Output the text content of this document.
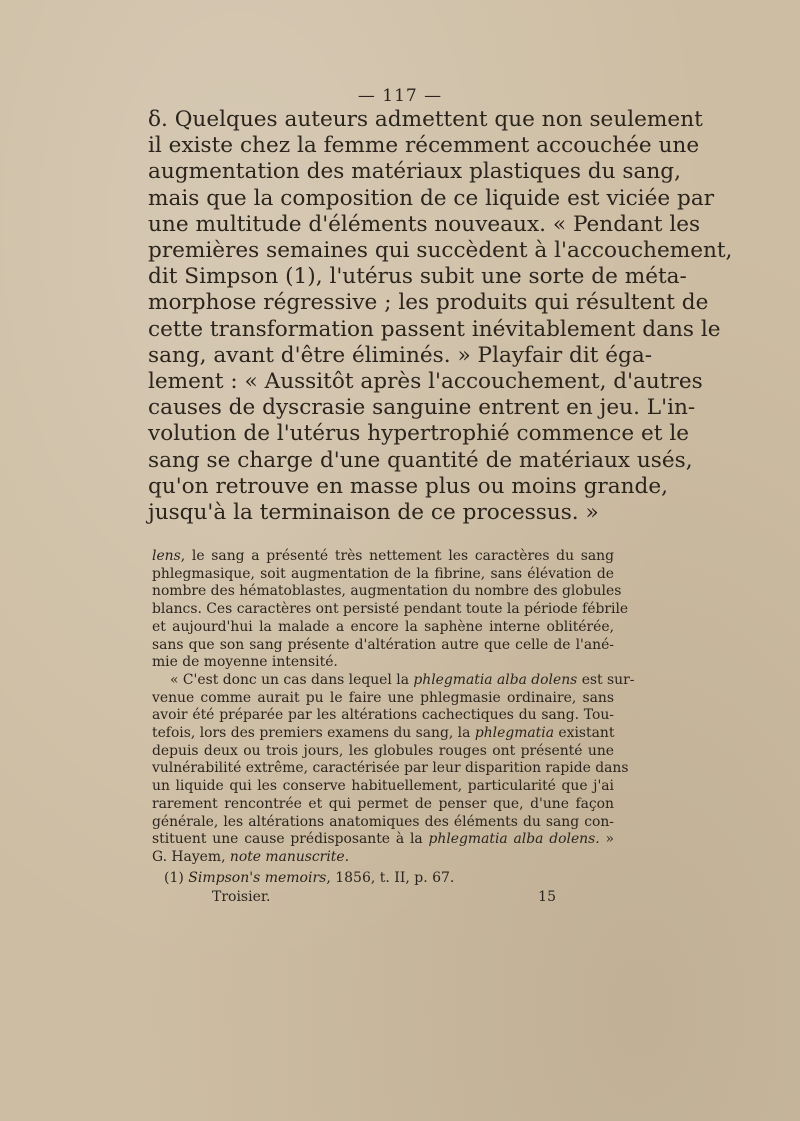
— 117 —
δ. Quelques auteurs admettent que non seulement
il existe chez la femme récemment accouchée une
augmentation des matériaux plastiques du sang,
mais que la composition de ce liquide est viciée par
une multitude d'éléments nouveaux. « Pendant les
premières semaines qui succèdent à l'accouchement,
dit Simpson (1), l'utérus subit une sorte de méta-
morphose régressive ; les produits qui résultent de
cette transformation passent inévitablement dans le
sang, avant d'être éliminés. » Playfair dit éga-
lement : « Aussitôt après l'accouchement, d'autres
causes de dyscrasie sanguine entrent en jeu. L'in-
volution de l'utérus hypertrophié commence et le
sang se charge d'une quantité de matériaux usés,
qu'on retrouve en masse plus ou moins grande,
jusqu'à la terminaison de ce processus. »
lens, le sang a présenté très nettement les caractères du sang
phlegmasique, soit augmentation de la fibrine, sans élévation de
nombre des hématoblastes, augmentation du nombre des globules
blancs. Ces caractères ont persisté pendant toute la période fébrile
et aujourd'hui la malade a encore la saphène interne oblitérée,
sans que son sang présente d'altération autre que celle de l'ané-
mie de moyenne intensité.
« C'est donc un cas dans lequel la phlegmatia alba dolens est sur-
venue comme aurait pu le faire une phlegmasie ordinaire, sans
avoir été préparée par les altérations cachectiques du sang. Tou-
tefois, lors des premiers examens du sang, la phlegmatia existant
depuis deux ou trois jours, les globules rouges ont présenté une
vulnérabilité extrême, caractérisée par leur disparition rapide dans
un liquide qui les conserve habituellement, particularité que j'ai
rarement rencontrée et qui permet de penser que, d'une façon
générale, les altérations anatomiques des éléments du sang con-
stituent une cause prédisposante à la phlegmatia alba dolens. »
G. Hayem, note manuscrite.
(1) Simpson's memoirs, 1856, t. II, p. 67.
Troisier.	15
